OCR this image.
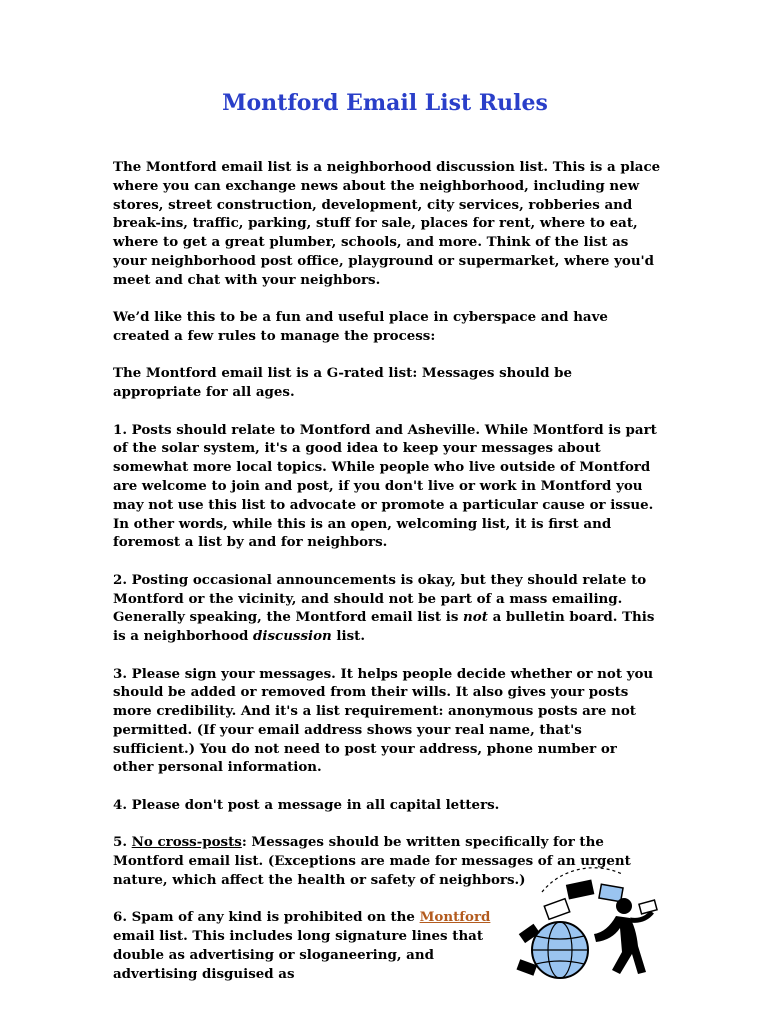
Montford Email List Rules

The Montford email list is a neighborhood discussion list. This is a place where you can exchange news about the neighborhood, including new stores, street construction, development, city services, robberies and break-ins, traffic, parking, stuff for sale, places for rent, where to eat, where to get a great plumber, schools, and more. Think of the list as your neighborhood post office, playground or supermarket, where you'd meet and chat with your neighbors.

We’d like this to be a fun and useful place in cyberspace and have created a few rules to manage the process:

The Montford email list is a G-rated list: Messages should be appropriate for all ages.

1. Posts should relate to Montford and Asheville. While Montford is part of the solar system, it's a good idea to keep your messages about somewhat more local topics. While people who live outside of Montford are welcome to join and post, if you don't live or work in Montford you may not use this list to advocate or promote a particular cause or issue. In other words, while this is an open, welcoming list, it is first and foremost a list by and for neighbors.

2. Posting occasional announcements is okay, but they should relate to Montford or the vicinity, and should not be part of a mass emailing. Generally speaking, the Montford email list is not a bulletin board. This is a neighborhood discussion list.

3. Please sign your messages. It helps people decide whether or not you should be added or removed from their wills. It also gives your posts more credibility. And it's a list requirement: anonymous posts are not permitted. (If your email address shows your real name, that's sufficient.) You do not need to post your address, phone number or other personal information.

4. Please don't post a message in all capital letters.

5. No cross-posts: Messages should be written specifically for the Montford email list. (Exceptions are made for messages of an urgent nature, which affect the health or safety of neighbors.)

6. Spam of any kind is prohibited on the Montford email list. This includes long signature lines that double as advertising or sloganeering, and advertising disguised as
